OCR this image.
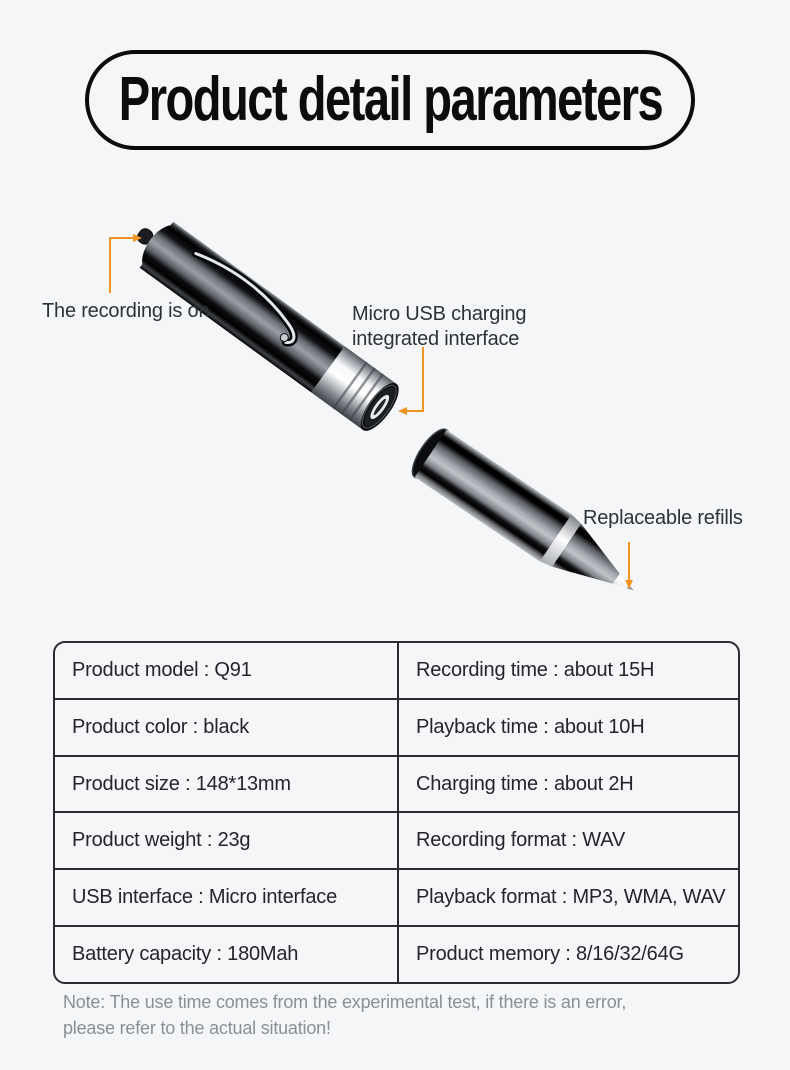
Product detail parameters
The recording is on	Micro USB charging
integrated interface
Replaceable refills
Product model : Q91	Recording time : about 15H
Product color : black	Playback time : about 10H
Product size : 148*13mm	Charging time : about 2H
Product weight : 23g	Recording format : WAV
USB interface : Micro interface	Playback format : MP3, WMA, WAV
Battery capacity : 180Mah	Product memory : 8/16/32/64G
Note: The use time comes from the experimental test, if there is an error,
please refer to the actual situation!
